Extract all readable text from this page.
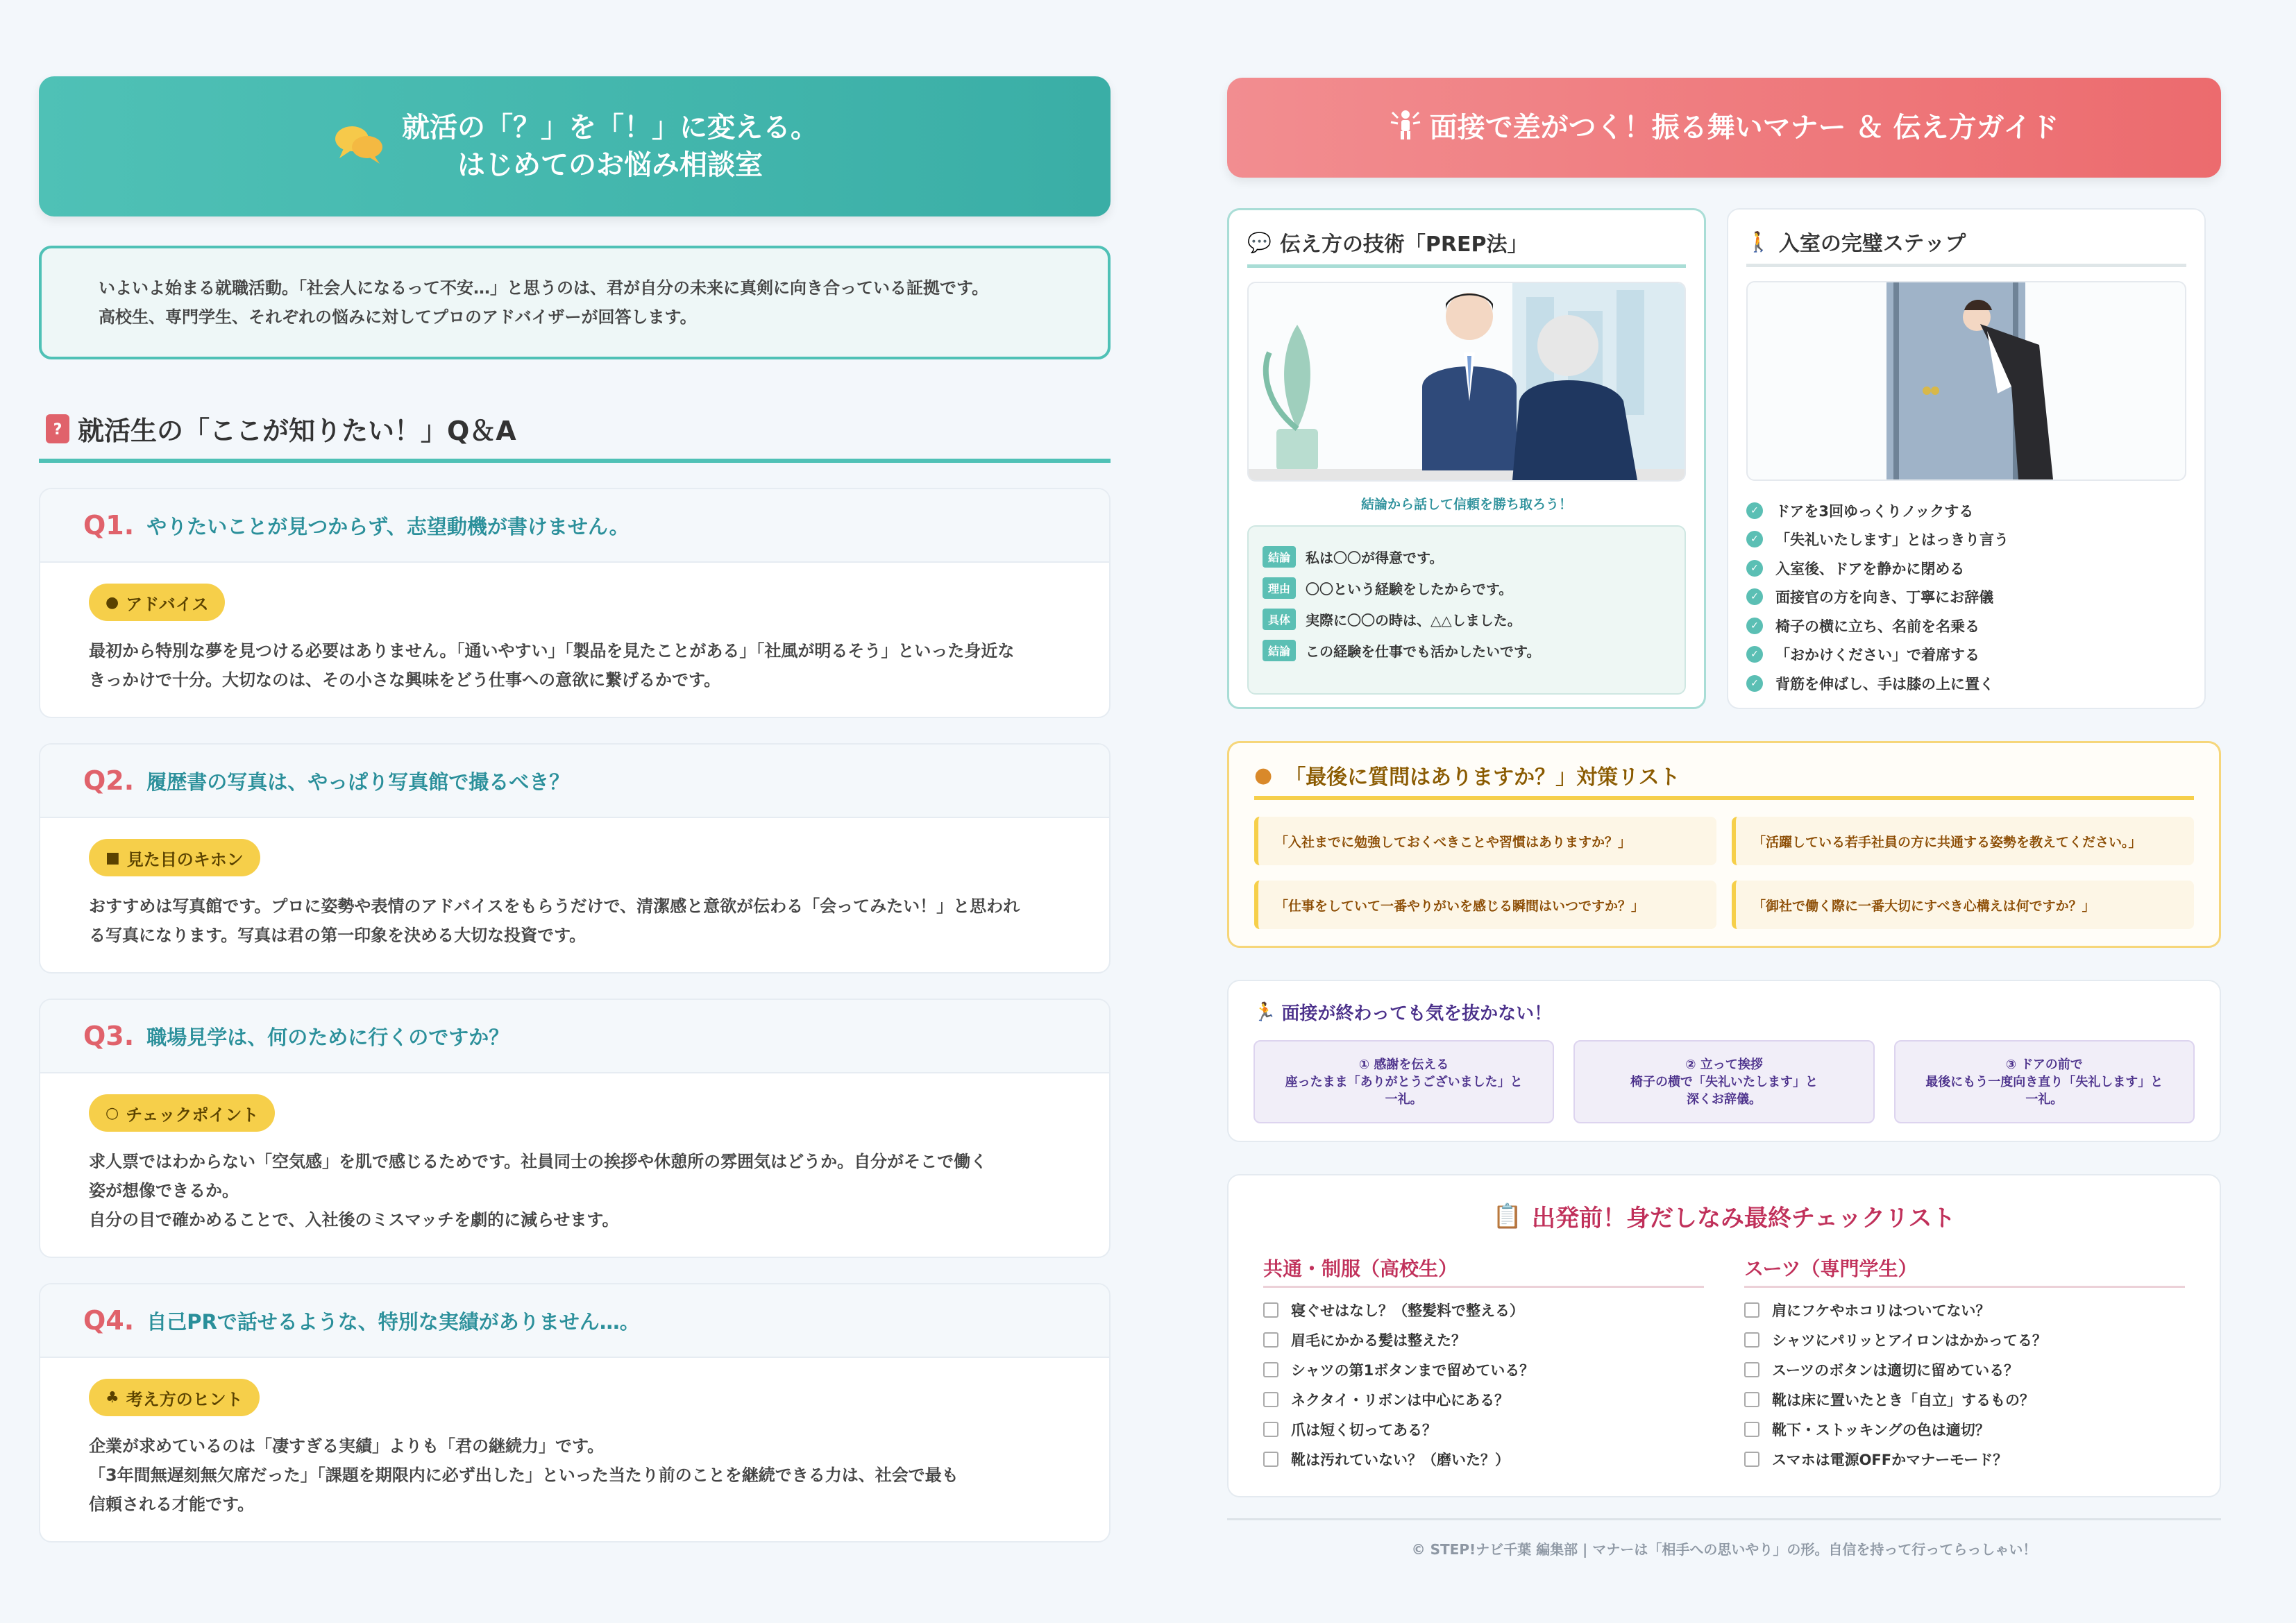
就活の「？」を「！」に変える。
はじめてのお悩み相談室
いよいよ始まる就職活動。「社会人になるって不安…」と思うのは、君が自分の未来に真剣に向き合っている証拠です。
高校生、専門学生、それぞれの悩みに対してプロのアドバイザーが回答します。
? 就活生の「ここが知りたい！」Q＆A
Q1. やりたいことが見つからず、志望動機が書けません。
● アドバイス
最初から特別な夢を見つける必要はありません。「通いやすい」「製品を見たことがある」「社風が明るそう」といった身近な
きっかけで十分。大切なのは、その小さな興味をどう仕事への意欲に繋げるかです。
Q2. 履歴書の写真は、やっぱり写真館で撮るべき？
■ 見た目のキホン
おすすめは写真館です。プロに姿勢や表情のアドバイスをもらうだけで、清潔感と意欲が伝わる「会ってみたい！」と思われ
る写真になります。写真は君の第一印象を決める大切な投資です。
Q3. 職場見学は、何のために行くのですか？
○ チェックポイント
求人票ではわからない「空気感」を肌で感じるためです。社員同士の挨拶や休憩所の雰囲気はどうか。自分がそこで働く
姿が想像できるか。
自分の目で確かめることで、入社後のミスマッチを劇的に減らせます。
Q4. 自己PRで話せるような、特別な実績がありません…。
♣ 考え方のヒント
企業が求めているのは「凄すぎる実績」よりも「君の継続力」です。
「3年間無遅刻無欠席だった」「課題を期限内に必ず出した」といった当たり前のことを継続できる力は、社会で最も
信頼される才能です。
面接で差がつく！振る舞いマナー ＆ 伝え方ガイド
💬 伝え方の技術「PREP法」
結論から話して信頼を勝ち取ろう！
結論	私は〇〇が得意です。
理由	〇〇という経験をしたからです。
具体	実際に〇〇の時は、△△しました。
結論	この経験を仕事でも活かしたいです。
🚶 入室の完璧ステップ
✓ ドアを3回ゆっくりノックする
✓ 「失礼いたします」とはっきり言う
✓ 入室後、ドアを静かに閉める
✓ 面接官の方を向き、丁寧にお辞儀
✓ 椅子の横に立ち、名前を名乗る
✓ 「おかけください」で着席する
✓ 背筋を伸ばし、手は膝の上に置く
● 「最後に質問はありますか？」対策リスト
「入社までに勉強しておくべきことや習慣はありますか？」	「活躍している若手社員の方に共通する姿勢を教えてください。」
「仕事をしていて一番やりがいを感じる瞬間はいつですか？」	「御社で働く際に一番大切にすべき心構えは何ですか？」
🏃 面接が終わっても気を抜かない！
① 感謝を伝える
座ったまま「ありがとうございました」と
一礼。
② 立って挨拶
椅子の横で「失礼いたします」と
深くお辞儀。
③ ドアの前で
最後にもう一度向き直り「失礼します」と
一礼。
📋 出発前！身だしなみ最終チェックリスト
共通・制服（高校生）
寝ぐせはなし？（整髪料で整える）
眉毛にかかる髪は整えた？
シャツの第1ボタンまで留めている？
ネクタイ・リボンは中心にある？
爪は短く切ってある？
靴は汚れていない？（磨いた？）
スーツ（専門学生）
肩にフケやホコリはついてない？
シャツにパリッとアイロンはかかってる？
スーツのボタンは適切に留めている？
靴は床に置いたとき「自立」するもの？
靴下・ストッキングの色は適切？
スマホは電源OFFかマナーモード？
© STEP!ナビ千葉 編集部 | マナーは「相手への思いやり」の形。自信を持って行ってらっしゃい！
